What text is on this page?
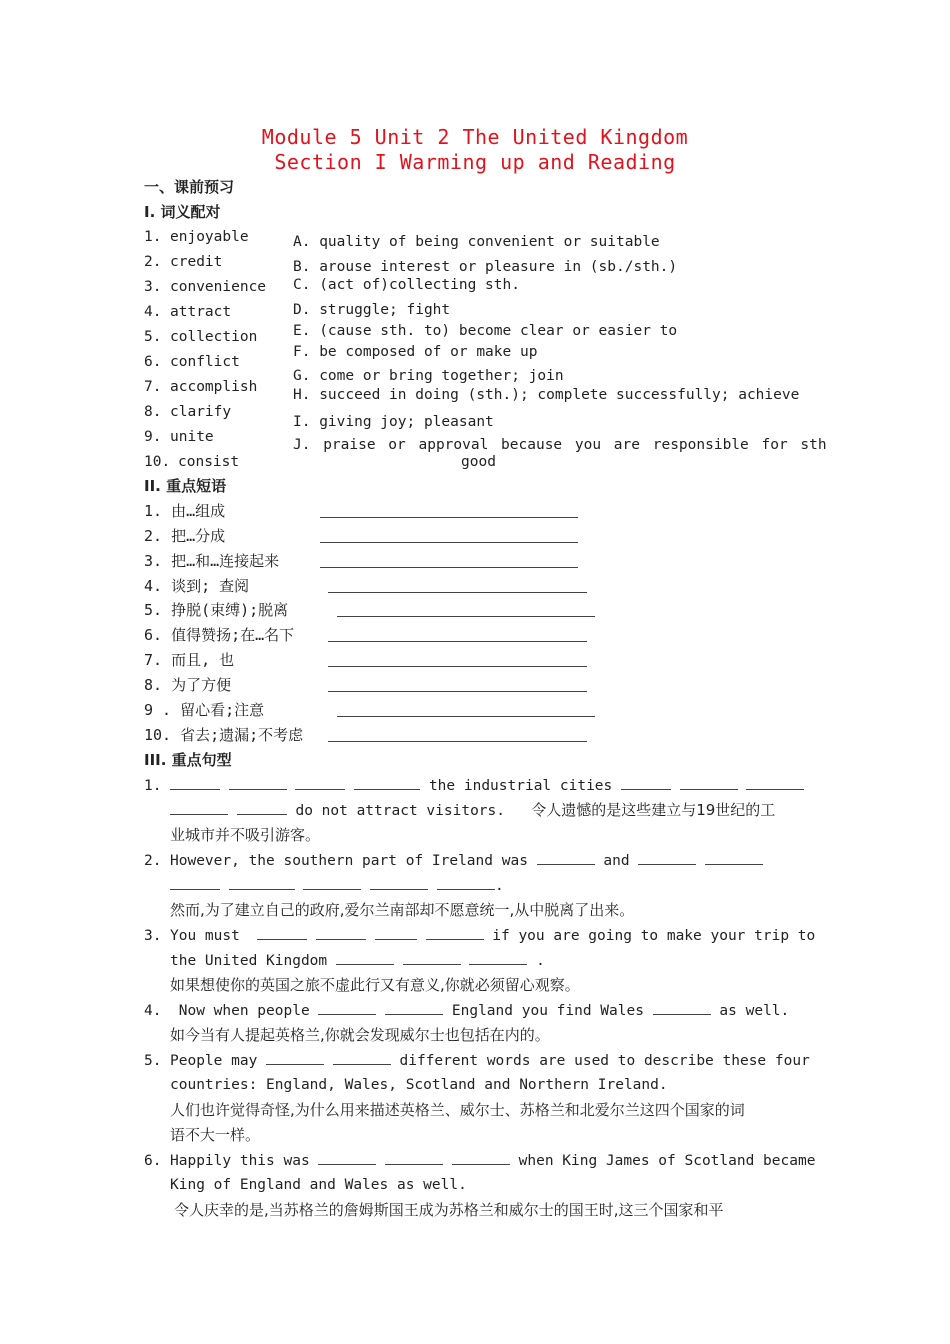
Module 5 Unit 2 The United Kingdom
Section I Warming up and Reading
一、课前预习
I. 词义配对
1. enjoyable
2. credit
3. convenience
4. attract
5. collection
6. conflict
7. accomplish
8. clarify
9. unite
10. consist
A. quality of being convenient or suitable
B. arouse interest or pleasure in (sb./sth.)
C. (act of)collecting sth.
D. struggle; fight
E. (cause sth. to) become clear or easier to
F. be composed of or make up
G. come or bring together; join
H. succeed in doing (sth.); complete successfully; achieve
I. giving joy; pleasant
J. praise or approval because you are responsible for sth
good
II. 重点短语
1. 由…组成
2. 把…分成
3. 把…和…连接起来
4. 谈到; 查阅
5. 挣脱(束缚);脱离
6. 值得赞扬;在…名下
7. 而且, 也
8. 为了方便
9 . 留心看;注意
10. 省去;遗漏;不考虑
III. 重点句型
1.	the industrial cities
do not attract visitors. 令人遗憾的是这些建立与19世纪的工
业城市并不吸引游客。
2. However, the southern part of Ireland was	and
.
然而,为了建立自己的政府,爱尔兰南部却不愿意统一,从中脱离了出来。
3. You must	if you are going to make your trip to
the United Kingdom	.
如果想使你的英国之旅不虚此行又有意义,你就必须留心观察。
4. Now when people	England you find Wales	as well.
如今当有人提起英格兰,你就会发现威尔士也包括在内的。
5. People may	different words are used to describe these four
countries: England, Wales, Scotland and Northern Ireland.
人们也许觉得奇怪,为什么用来描述英格兰、威尔士、苏格兰和北爱尔兰这四个国家的词
语不大一样。
6. Happily this was	when King James of Scotland became
King of England and Wales as well.
令人庆幸的是,当苏格兰的詹姆斯国王成为苏格兰和威尔士的国王时,这三个国家和平
